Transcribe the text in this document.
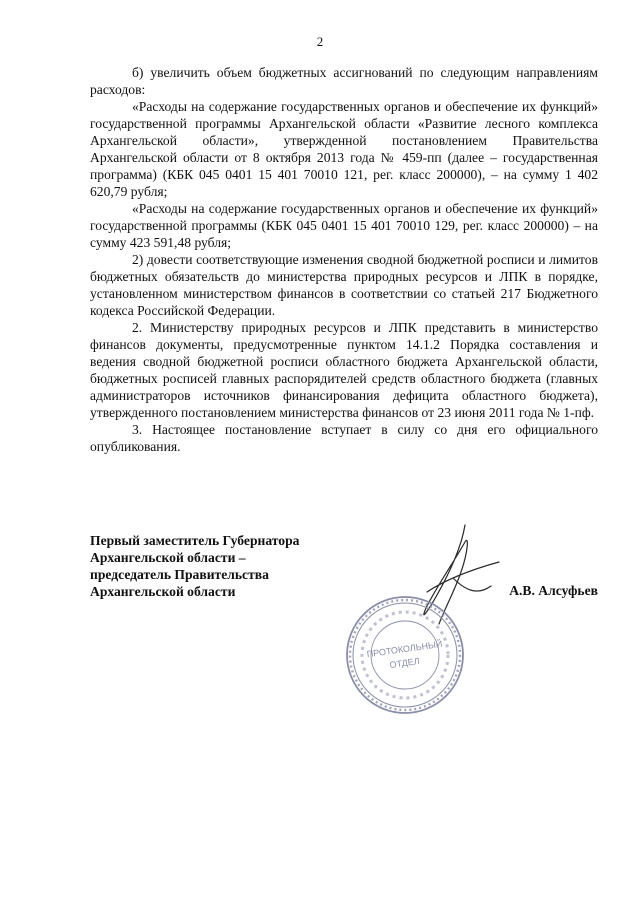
2

б) увеличить объем бюджетных ассигнований по следующим направлениям расходов:

«Расходы на содержание государственных органов и обеспечение их функций» государственной программы Архангельской области «Развитие лесного комплекса Архангельской области», утвержденной постановлением Правительства Архангельской области от 8 октября 2013 года № 459-пп (далее – государственная программа) (КБК 045 0401 15 401 70010 121, рег. класс 200000), – на сумму 1 402 620,79 рубля;

«Расходы на содержание государственных органов и обеспечение их функций» государственной программы (КБК 045 0401 15 401 70010 129, рег. класс 200000) – на сумму 423 591,48 рубля;

2) довести соответствующие изменения сводной бюджетной росписи и лимитов бюджетных обязательств до министерства природных ресурсов и ЛПК в порядке, установленном министерством финансов в соответствии со статьей 217 Бюджетного кодекса Российской Федерации.

2. Министерству природных ресурсов и ЛПК представить в министерство финансов документы, предусмотренные пунктом 14.1.2 Порядка составления и ведения сводной бюджетной росписи областного бюджета Архангельской области, бюджетных росписей главных распорядителей средств областного бюджета (главных администраторов источников финансирования дефицита областного бюджета), утвержденного постановлением министерства финансов от 23 июня 2011 года № 1-пф.

3. Настоящее постановление вступает в силу со дня его официального опубликования.

Первый заместитель Губернатора
Архангельской области –
председатель Правительства
Архангельской области
ПРОТОКОЛЬНЫЙ
ОТДЕЛ
А.В. Алсуфьев
